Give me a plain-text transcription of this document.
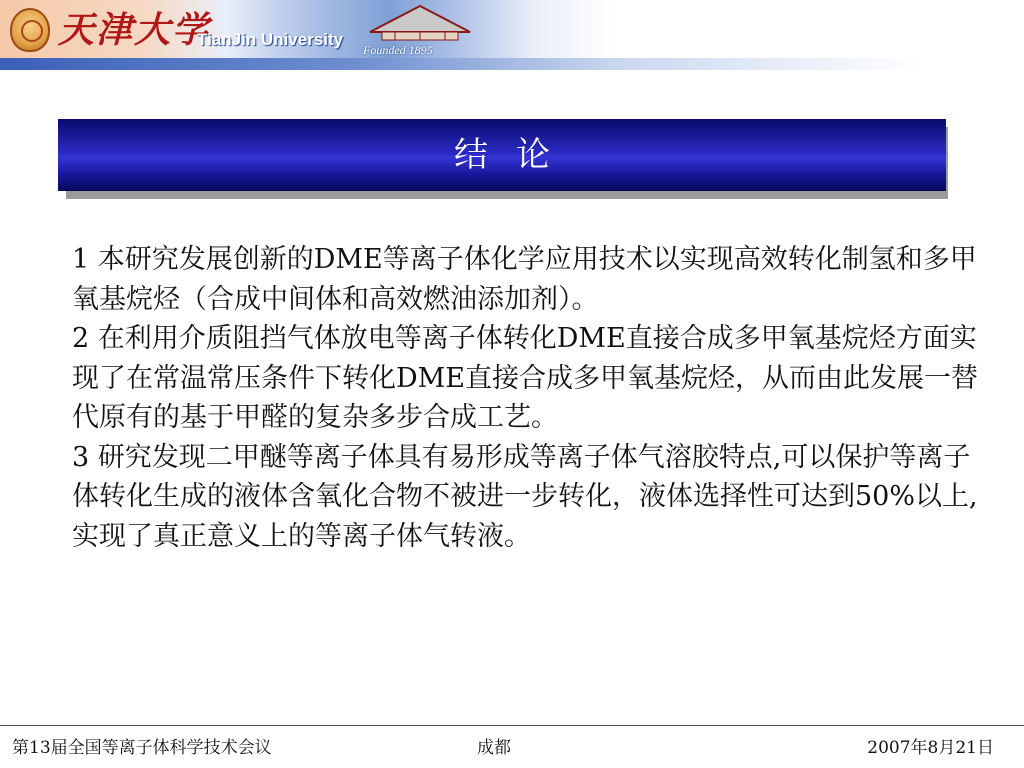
天津大学
TianJin University
Founded 1895
结论

1 本研究发展创新的DME等离子体化学应用技术以实现高效转化制氢和多甲氧基烷烃（合成中间体和高效燃油添加剂）。

2 在利用介质阻挡气体放电等离子体转化DME直接合成多甲氧基烷烃方面实现了在常温常压条件下转化DME直接合成多甲氧基烷烃，从而由此发展一替代原有的基于甲醛的复杂多步合成工艺。

3 研究发现二甲醚等离子体具有易形成等离子体气溶胶特点,可以保护等离子体转化生成的液体含氧化合物不被进一步转化，液体选择性可达到50%以上,实现了真正意义上的等离子体气转液。

第13届全国等离子体科学技术会议	成都	2007年8月21日
